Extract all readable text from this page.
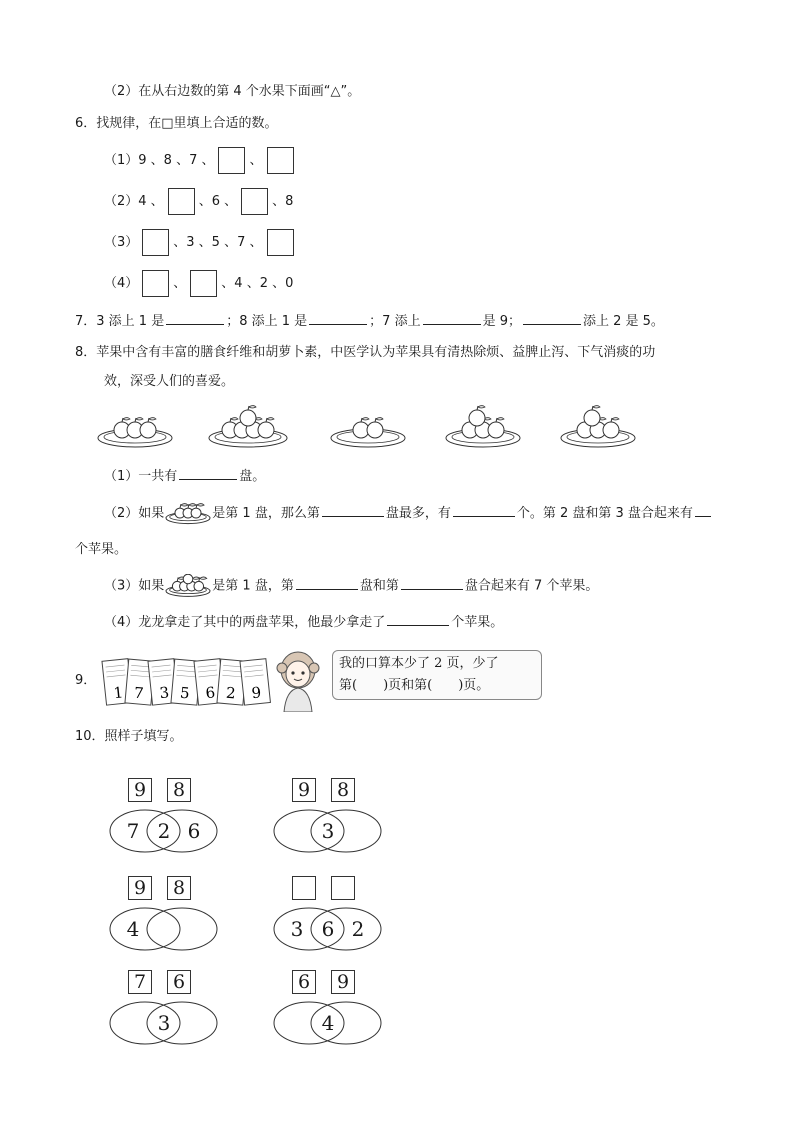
（2）在从右边数的第 4 个水果下面画“△”。
6．找规律，在□里填上合适的数。
（1）9 、8 、7 、	、
（2）4 、	、6 、	、8
（3）	、3 、5 、7 、
（4）	、	、4 、2 、0
7．3 添上 1 是	；8 添上 1 是	；7 添上	是 9；	添上 2 是 5。
8．苹果中含有丰富的膳食纤维和胡萝卜素，中医学认为苹果具有清热除烦、益脾止泻、下气消痰的功
效，深受人们的喜爱。
（1）一共有	盘。
（2）如果	是第 1 盘，那么第	盘最多，有	个。第 2 盘和第 3 盘合起来有
个苹果。
（3）如果	是第 1 盘，第	盘和第	盘合起来有 7 个苹果。
（4）龙龙拿走了其中的两盘苹果，他最少拿走了	个苹果。
9．
1 7 3 5 6 2 9
我的口算本少了 2 页，少了
第(　　)页和第(　　)页。
10．照样子填写。
9	8
7 2 6
9	8
3
9	8
4	3 6 2
7	6
3
6	9
4
